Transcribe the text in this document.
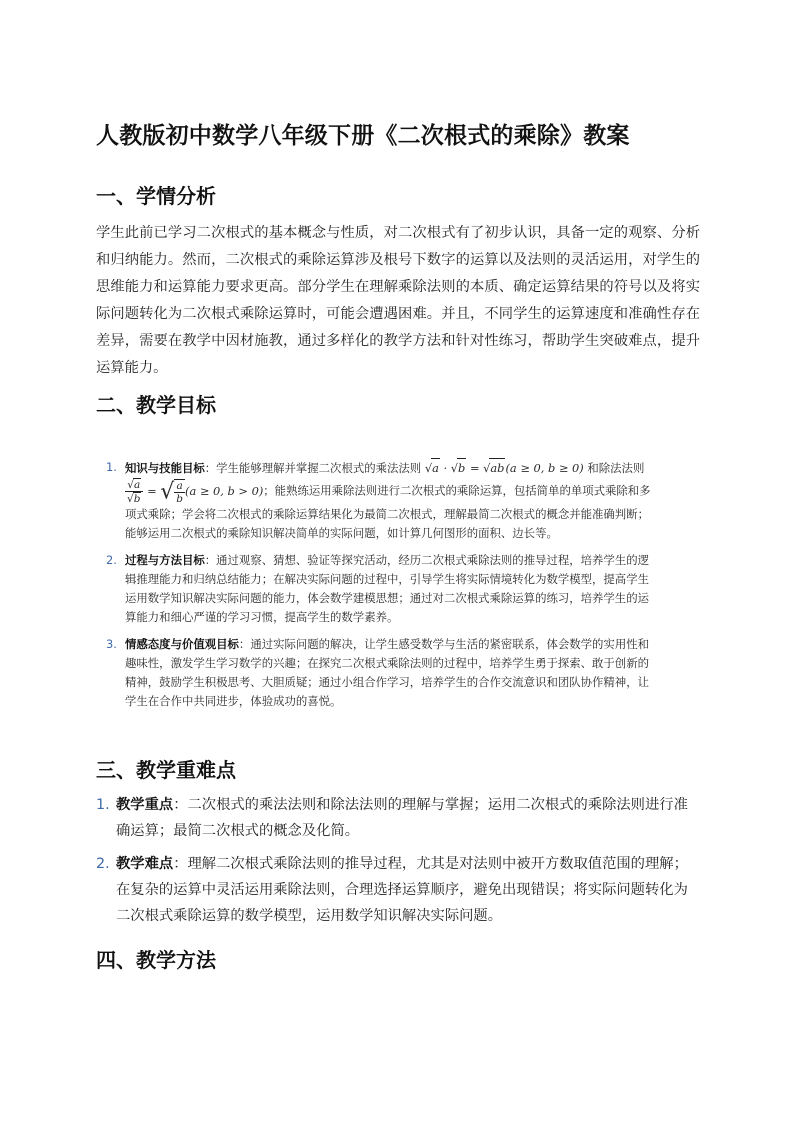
人教版初中数学八年级下册《二次根式的乘除》教案
一、学情分析

学生此前已学习二次根式的基本概念与性质，对二次根式有了初步认识，具备一定的观察、分析和归纳能力。然而，二次根式的乘除运算涉及根号下数字的运算以及法则的灵活运用，对学生的思维能力和运算能力要求更高。部分学生在理解乘除法则的本质、确定运算结果的符号以及将实际问题转化为二次根式乘除运算时，可能会遭遇困难。并且，不同学生的运算速度和准确性存在差异，需要在教学中因材施教，通过多样化的教学方法和针对性练习，帮助学生突破难点，提升运算能力。

二、教学目标
1. 知识与技能目标：学生能够理解并掌握二次根式的乘法法则 √a · √b = √ab(a ≥ 0, b ≥ 0) 和除法法则
$\frac{√a}{√b}$ = √ $\frac{a}{b} (a \ge 0$, b > 0)；能熟练运用乘除法则进行二次根式的乘除运算，包括简单的单项式乘除和多项式乘除；学会将二次根式的乘除运算结果化为最简二次根式，理解最简二次根式的概念并能准确判断；能够运用二次根式的乘除知识解决简单的实际问题，如计算几何图形的面积、边长等。
2. 过程与方法目标：通过观察、猜想、验证等探究活动，经历二次根式乘除法则的推导过程，培养学生的逻辑推理能力和归纳总结能力；在解决实际问题的过程中，引导学生将实际情境转化为数学模型，提高学生运用数学知识解决实际问题的能力，体会数学建模思想；通过对二次根式乘除运算的练习，培养学生的运算能力和细心严谨的学习习惯，提高学生的数学素养。
3. 情感态度与价值观目标：通过实际问题的解决，让学生感受数学与生活的紧密联系，体会数学的实用性和趣味性，激发学生学习数学的兴趣；在探究二次根式乘除法则的过程中，培养学生勇于探索、敢于创新的精神，鼓励学生积极思考、大胆质疑；通过小组合作学习，培养学生的合作交流意识和团队协作精神，让学生在合作中共同进步，体验成功的喜悦。
三、教学重难点
1. 教学重点：二次根式的乘法法则和除法法则的理解与掌握；运用二次根式的乘除法则进行准确运算；最简二次根式的概念及化简。
2. 教学难点：理解二次根式乘除法则的推导过程，尤其是对法则中被开方数取值范围的理解；在复杂的运算中灵活运用乘除法则，合理选择运算顺序，避免出现错误；将实际问题转化为二次根式乘除运算的数学模型，运用数学知识解决实际问题。
四、教学方法
